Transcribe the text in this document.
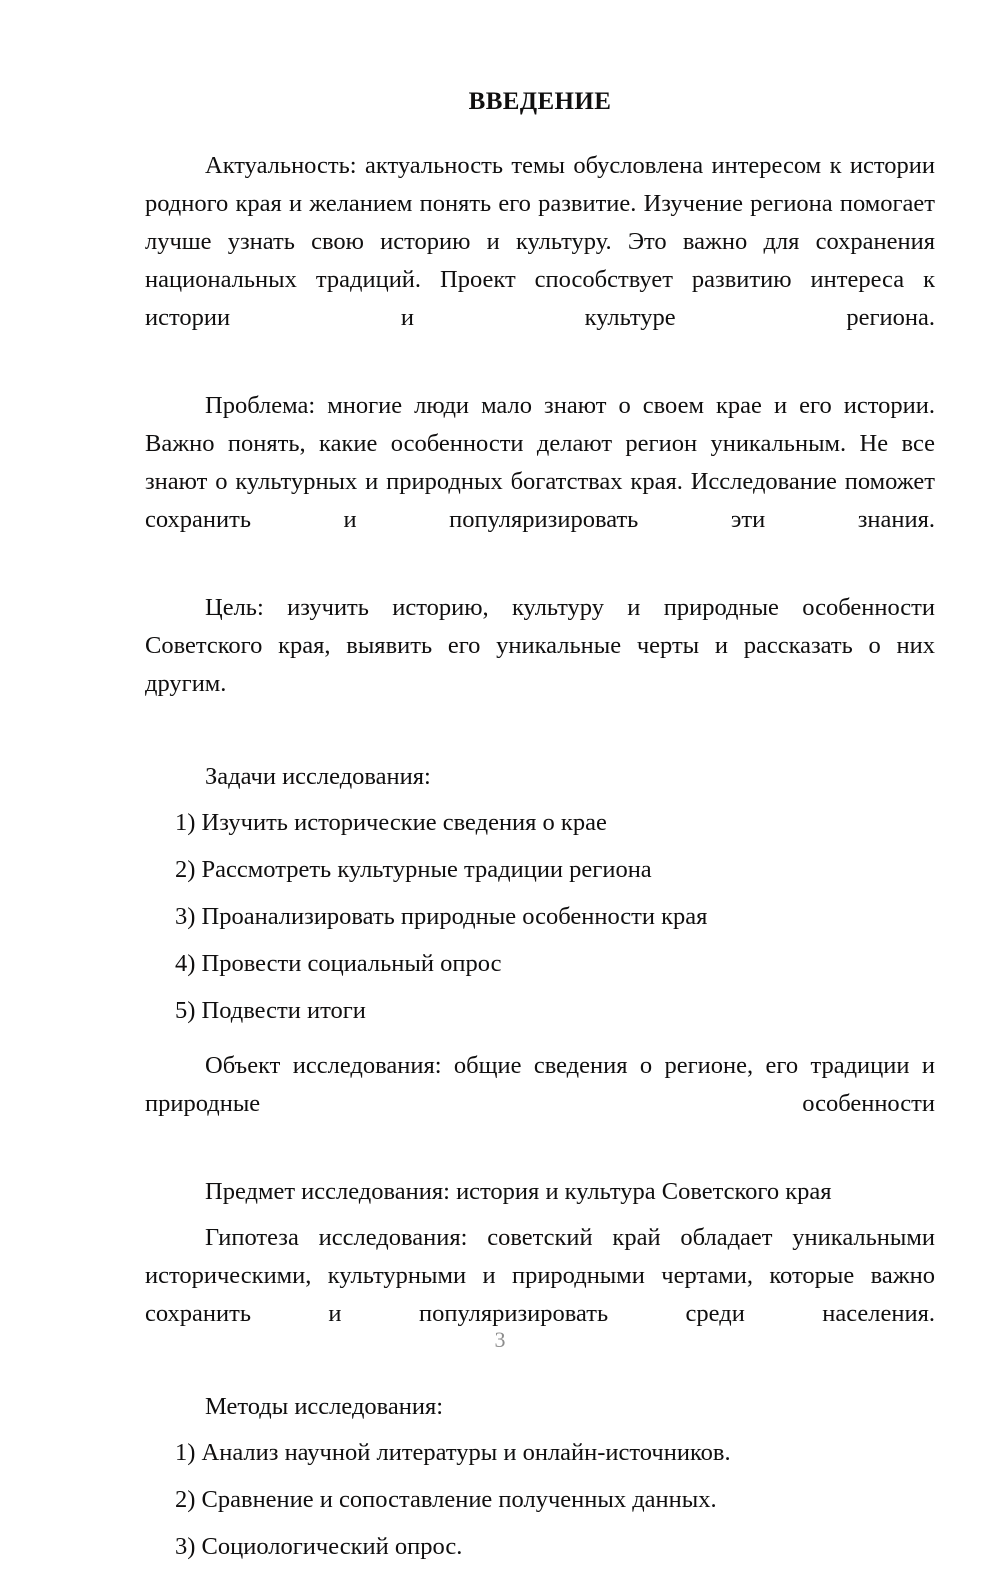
ВВЕДЕНИЕ

Актуальность: актуальность темы обусловлена интересом к истории родного края и желанием понять его развитие. Изучение региона помогает лучше узнать свою историю и культуру. Это важно для сохранения национальных традиций. Проект способствует развитию интереса к истории и культуре региона.

Проблема: многие люди мало знают о своем крае и его истории. Важно понять, какие особенности делают регион уникальным. Не все знают о культурных и природных богатствах края. Исследование поможет сохранить и популяризировать эти знания.

Цель: изучить историю, культуру и природные особенности Советского края, выявить его уникальные черты и рассказать о них другим.

Задачи исследования:

1) Изучить исторические сведения о крае
2) Рассмотреть культурные традиции региона
3) Проанализировать природные особенности края
4) Провести социальный опрос
5) Подвести итоги

Объект исследования: общие сведения о регионе, его традиции и природные особенности

Предмет исследования: история и культура Советского края

Гипотеза исследования: советский край обладает уникальными историческими, культурными и природными чертами, которые важно сохранить и популяризировать среди населения.

Методы исследования:

1) Анализ научной литературы и онлайн-источников.
2) Сравнение и сопоставление полученных данных.
3) Социологический опрос.
3
